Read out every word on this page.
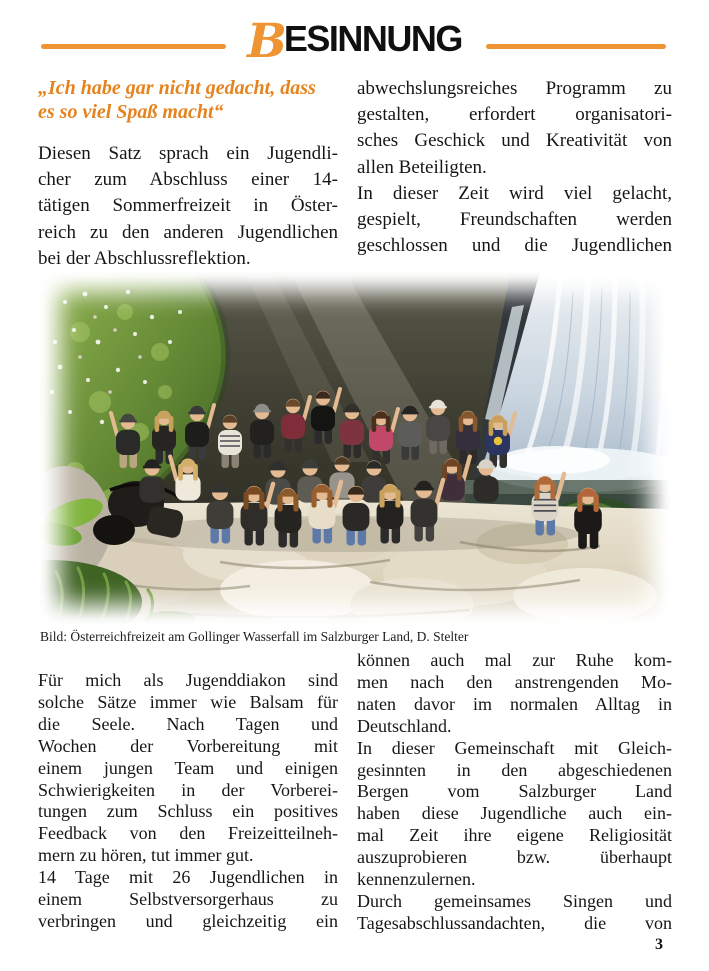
BESINNUNG
„Ich habe gar nicht gedacht, dass
es so viel Spaß macht“
Diesen Satz sprach ein Jugendli-
cher zum Abschluss einer 14-
tätigen Sommerfreizeit in Öster-
reich zu den anderen Jugendlichen
bei der Abschlussreflektion.
abwechslungsreiches Programm zu
gestalten, erfordert organisatori-
sches Geschick und Kreativität von
allen Beteiligten.
In dieser Zeit wird viel gelacht,
gespielt, Freundschaften werden
geschlossen und die Jugendlichen
Bild: Österreichfreizeit am Gollinger Wasserfall im Salzburger Land, D. Stelter
Für mich als Jugenddiakon sind
solche Sätze immer wie Balsam für
die Seele. Nach Tagen und
Wochen der Vorbereitung mit
einem jungen Team und einigen
Schwierigkeiten in der Vorberei-
tungen zum Schluss ein positives
Feedback von den Freizeitteilneh-
mern zu hören, tut immer gut.
14 Tage mit 26 Jugendlichen in
einem Selbstversorgerhaus zu
verbringen und gleichzeitig ein
können auch mal zur Ruhe kom-
men nach den anstrengenden Mo-
naten davor im normalen Alltag in
Deutschland.
In dieser Gemeinschaft mit Gleich-
gesinnten in den abgeschiedenen
Bergen vom Salzburger Land
haben diese Jugendliche auch ein-
mal Zeit ihre eigene Religiosität
auszuprobieren bzw. überhaupt
kennenzulernen.
Durch gemeinsames Singen und
Tagesabschlussandachten, die von
3
